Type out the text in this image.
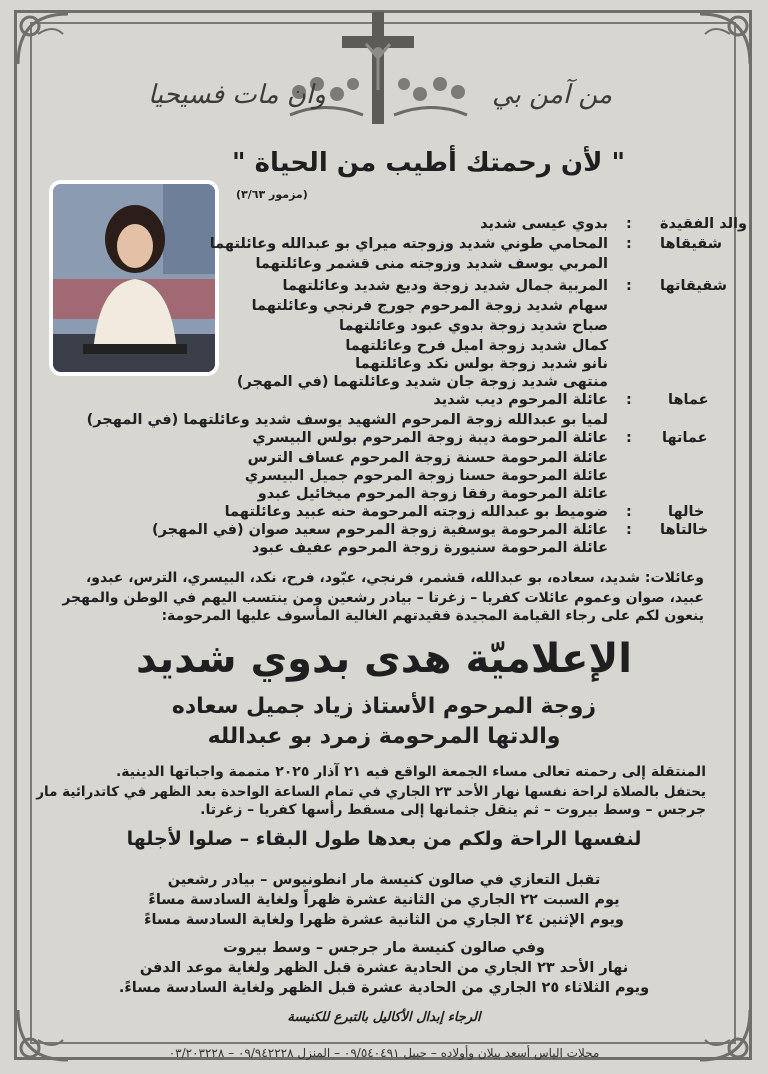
وان مات فسيحيا	من آمن بي
" لأن رحمتك أطيب من الحياة "
(مزمور ٣/٦٣)
والد الفقيدة
:
بدوي عيسى شديد
شقيقاها
:
المحامي طوني شديد وزوجته ميراي بو عبدالله وعائلتهما
المربي يوسف شديد وزوجته منى قشمر وعائلتهما
شقيقاتها
:
المربية جمال شديد زوجة وديع شديد وعائلتهما
سهام شديد زوجة المرحوم جورج فرنجي وعائلتهما
صباح شديد زوجة بدوي عبود وعائلتهما
كمال شديد زوجة اميل فرح وعائلتهما
نانو شديد زوجة بولس نكد وعائلتهما
منتهى شديد زوجة جان شديد وعائلتهما (في المهجر)
عماها
:
عائلة المرحوم ديب شديد
لميا بو عبدالله زوجة المرحوم الشهيد يوسف شديد وعائلتهما (في المهجر)
عماتها
:
عائلة المرحومة ديبة زوجة المرحوم بولس البيسري
عائلة المرحومة حسنة زوجة المرحوم عساف الترس
عائلة المرحومة حسنا زوجة المرحوم جميل البيسري
عائلة المرحومة رفقا زوجة المرحوم ميخائيل عبدو
خالها
:
ضوميط بو عبدالله زوجته المرحومة حنه عبيد وعائلتهما
خالتاها
:
عائلة المرحومة يوسفية زوجة المرحوم سعيد صوان (في المهجر)
عائلة المرحومة سنيورة زوجة المرحوم عفيف عبود
وعائلات: شديد، سعاده، بو عبدالله، قشمر، فرنجي، عبّود، فرح، نكد، البيسري، الترس، عبدو،
عبيد، صوان وعموم عائلات كفريا – زغرتا – بيادر رشعين ومن ينتسب اليهم في الوطن والمهجر
ينعون لكم على رجاء القيامة المجيدة فقيدتهم الغالية المأسوف عليها المرحومة:
الإعلاميّة هدى بدوي شديد
زوجة المرحوم الأستاذ زياد جميل سعاده
والدتها المرحومة زمرد بو عبدالله
المنتقلة إلى رحمته تعالى مساء الجمعة الواقع فيه ٢١ آذار ٢٠٢٥ متممة واجباتها الدينية.
يحتفل بالصلاة لراحة نفسها نهار الأحد ٢٣ الجاري في تمام الساعة الواحدة بعد الظهر في كاتدرائية مار
جرجس – وسط بيروت – ثم ينقل جثمانها إلى مسقط رأسها كفريا – زغرتا.
لنفسها الراحة ولكم من بعدها طول البقاء – صلوا لأجلها
تقبل التعازي في صالون كنيسة مار انطونيوس – بيادر رشعين
يوم السبت ٢٢ الجاري من الثانية عشرة ظهراً ولغاية السادسة مساءً
ويوم الإثنين ٢٤ الجاري من الثانية عشرة ظهرا ولغاية السادسة مساءً
وفي صالون كنيسة مار جرجس – وسط بيروت
نهار الأحد ٢٣ الجاري من الحادية عشرة قبل الظهر ولغاية موعد الدفن
ويوم الثلاثاء ٢٥ الجاري من الحادية عشرة قبل الظهر ولغاية السادسة مساءً.
الرجاء إبدال الأكاليل بالتبرع للكنيسة
محلات الياس أسعد بيلان وأولاده – جبيل ٠٩/٥٤٠٤٩١ – المنزل ٠٩/٩٤٢٢٢٨ – ٠٣/٢٠٣٢٢٨
